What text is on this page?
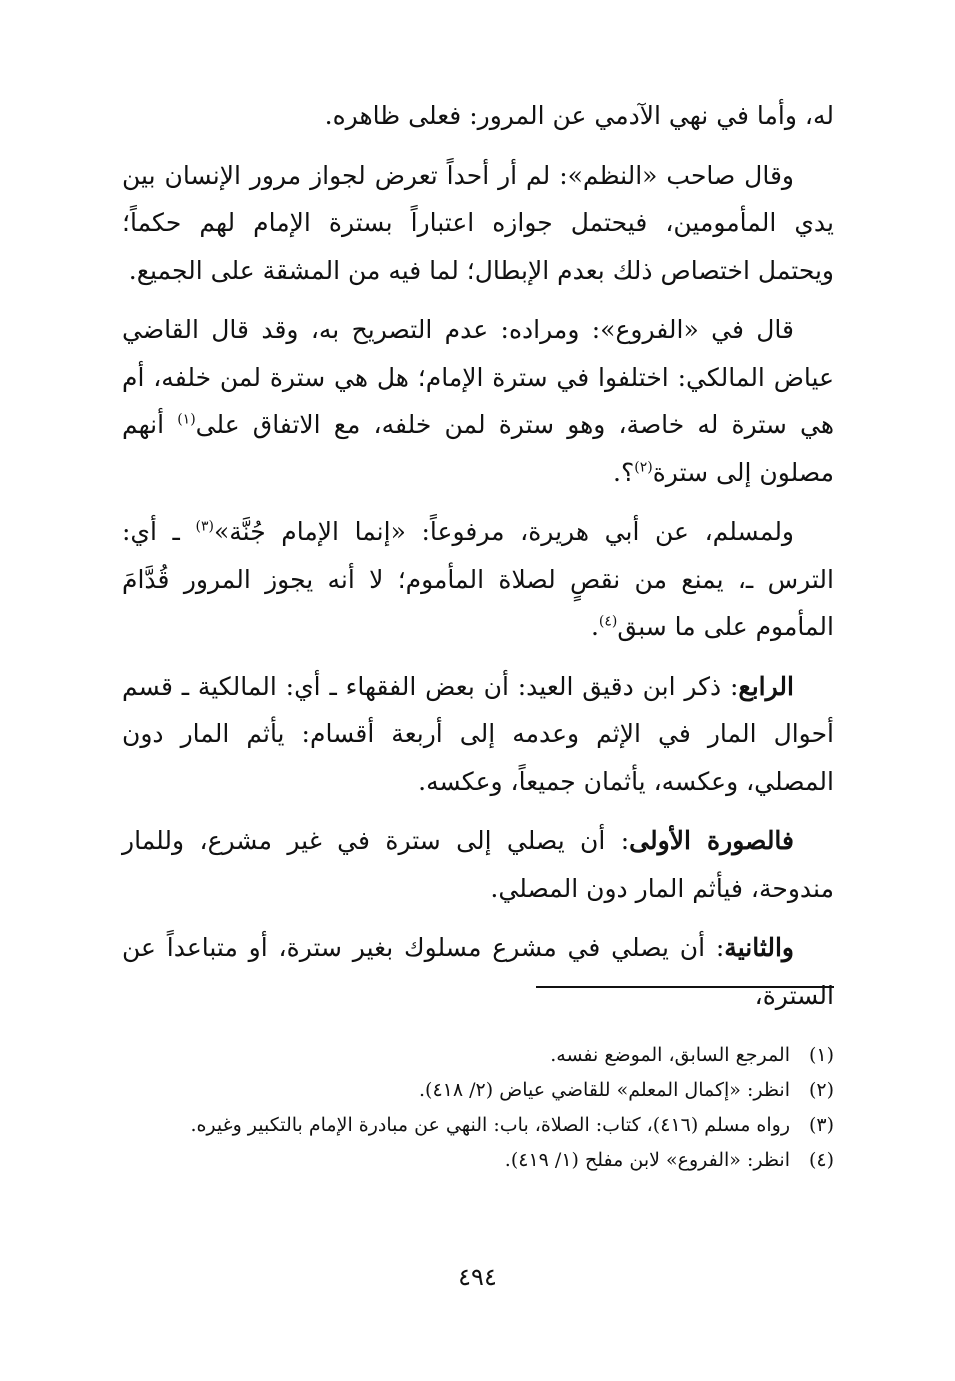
له، وأما في نهي الآدمي عن المرور: فعلى ظاهره.

وقال صاحب «النظم»: لم أر أحداً تعرض لجواز مرور الإنسان بين يدي المأمومين، فيحتمل جوازه اعتباراً بسترة الإمام لهم حكماً؛ ويحتمل اختصاص ذلك بعدم الإبطال؛ لما فيه من المشقة على الجميع.

قال في «الفروع»: ومراده: عدم التصريح به، وقد قال القاضي عياض المالكي: اختلفوا في سترة الإمام؛ هل هي سترة لمن خلفه، أم هي سترة له خاصة، وهو سترة لمن خلفه، مع الاتفاق على$^{(١)}$ أنهم مصلون إلى سترة$^{(٢)}$؟.

ولمسلم، عن أبي هريرة، مرفوعاً: «إنما الإمام جُنَّة»$^{(٣)}$ ـ أي: الترس ـ، يمنع من نقصٍ لصلاة المأموم؛ لا أنه يجوز المرور قُدَّامَ المأموم على ما سبق$^{(٤)}$.

الرابع: ذكر ابن دقيق العيد: أن بعض الفقهاء ـ أي: المالكية ـ قسم أحوال المار في الإثم وعدمه إلى أربعة أقسام: يأثم المار دون المصلي، وعكسه، يأثمان جميعاً، وعكسه.

فالصورة الأولى: أن يصلي إلى سترة في غير مشرع، وللمار مندوحة، فيأثم المار دون المصلي.

والثانية: أن يصلي في مشرع مسلوك بغير سترة، أو متباعداً عن السترة،

(١)
المرجع السابق، الموضع نفسه.
(٢)
انظر: «إكمال المعلم» للقاضي عياض (٢/ ٤١٨).
(٣)
رواه مسلم (٤١٦)، كتاب: الصلاة، باب: النهي عن مبادرة الإمام بالتكبير وغيره.
(٤)
انظر: «الفروع» لابن مفلح (١/ ٤١٩).
٤٩٤
